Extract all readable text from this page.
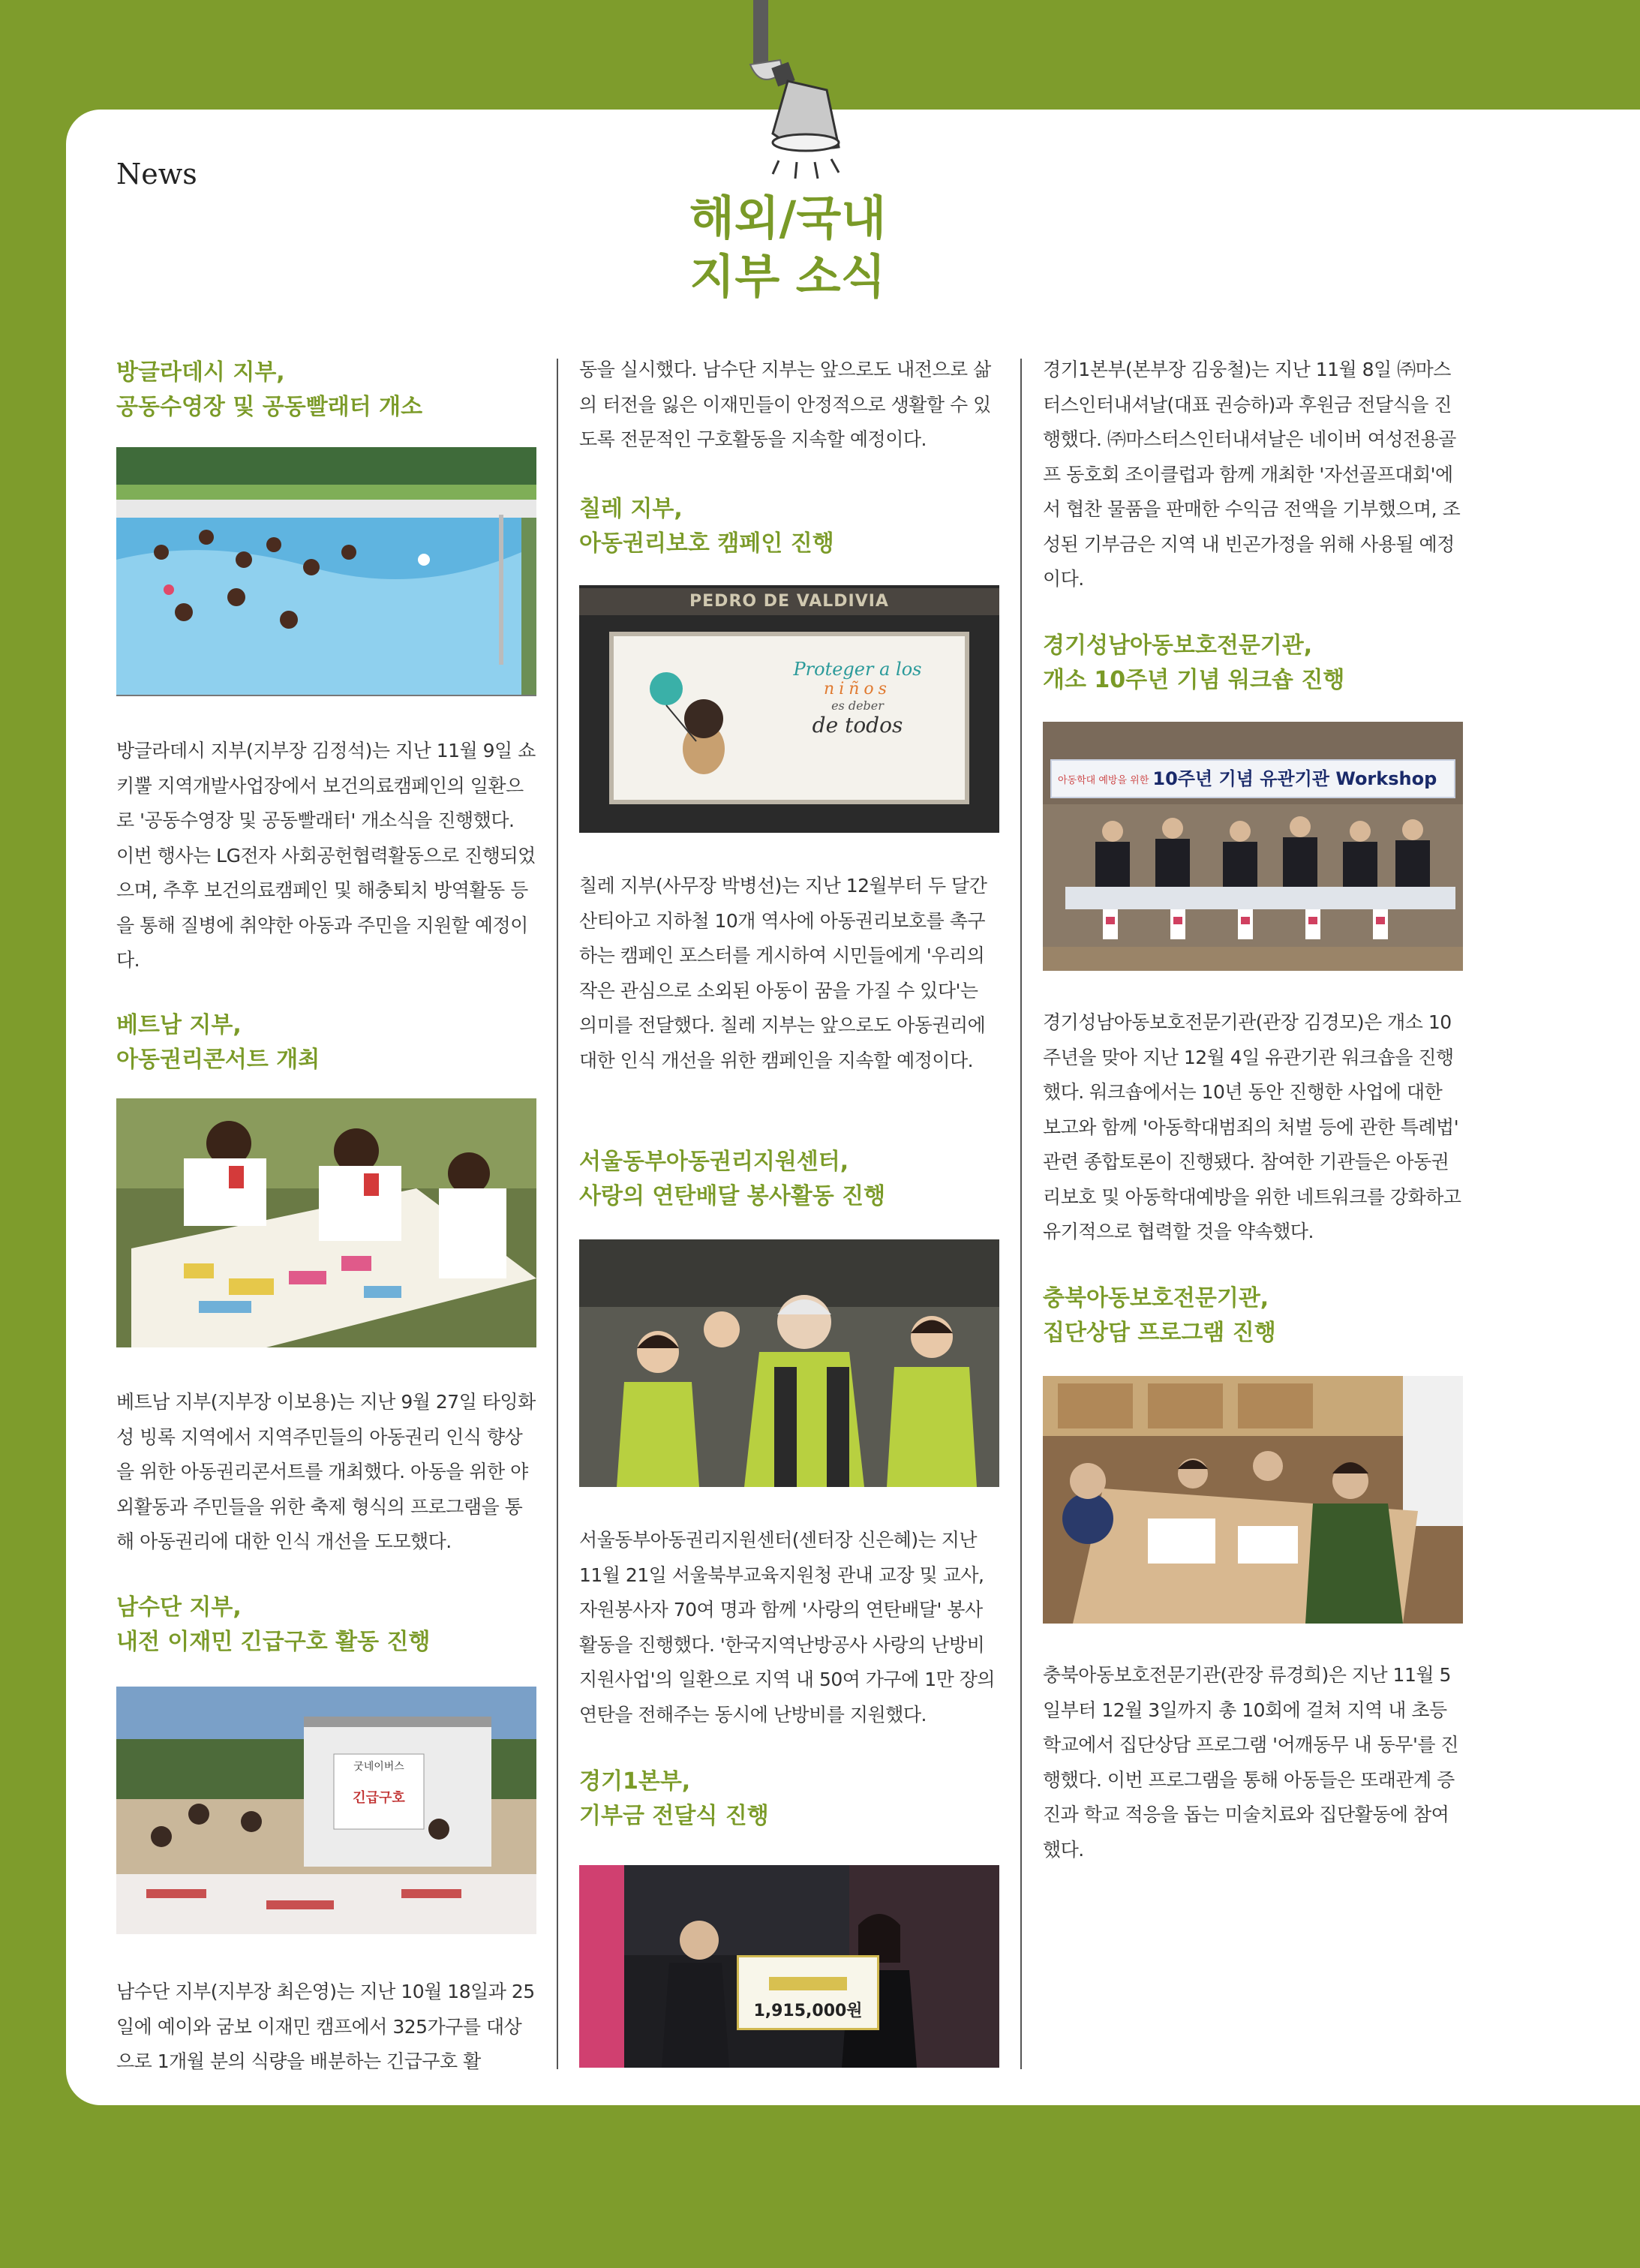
News
해외/국내
지부 소식

방글라데시 지부,

공동수영장 및 공동빨래터 개소

방글라데시 지부(지부장 김정석)는 지난 11월 9일 쇼키뿔 지역개발사업장에서 보건의료캠페인의 일환으로 '공동수영장 및 공동빨래터' 개소식을 진행했다. 이번 행사는 LG전자 사회공헌협력활동으로 진행되었으며, 추후 보건의료캠페인 및 해충퇴치 방역활동 등을 통해 질병에 취약한 아동과 주민을 지원할 예정이다.

베트남 지부,

아동권리콘서트 개최

베트남 지부(지부장 이보용)는 지난 9월 27일 타잉화성 빙록 지역에서 지역주민들의 아동권리 인식 향상을 위한 아동권리콘서트를 개최했다. 아동을 위한 야외활동과 주민들을 위한 축제 형식의 프로그램을 통해 아동권리에 대한 인식 개선을 도모했다.

남수단 지부,

내전 이재민 긴급구호 활동 진행

굿네이버스
긴급구호

남수단 지부(지부장 최은영)는 지난 10월 18일과 25일에 예이와 굼보 이재민 캠프에서 325가구를 대상으로 1개월 분의 식량을 배분하는 긴급구호 활

동을 실시했다. 남수단 지부는 앞으로도 내전으로 삶의 터전을 잃은 이재민들이 안정적으로 생활할 수 있도록 전문적인 구호활동을 지속할 예정이다.

칠레 지부,

아동권리보호 캠페인 진행

PEDRO DE VALDIVIA
Proteger a los
niños
es deber
de todos

칠레 지부(사무장 박병선)는 지난 12월부터 두 달간 산티아고 지하철 10개 역사에 아동권리보호를 촉구하는 캠페인 포스터를 게시하여 시민들에게 '우리의 작은 관심으로 소외된 아동이 꿈을 가질 수 있다'는 의미를 전달했다. 칠레 지부는 앞으로도 아동권리에 대한 인식 개선을 위한 캠페인을 지속할 예정이다.

서울동부아동권리지원센터,

사랑의 연탄배달 봉사활동 진행

서울동부아동권리지원센터(센터장 신은혜)는 지난 11월 21일 서울북부교육지원청 관내 교장 및 교사, 자원봉사자 70여 명과 함께 '사랑의 연탄배달' 봉사활동을 진행했다. '한국지역난방공사 사랑의 난방비 지원사업'의 일환으로 지역 내 50여 가구에 1만 장의 연탄을 전해주는 동시에 난방비를 지원했다.

경기1본부,

기부금 전달식 진행

1,915,000원

경기1본부(본부장 김웅철)는 지난 11월 8일 ㈜마스터스인터내셔날(대표 권승하)과 후원금 전달식을 진행했다. ㈜마스터스인터내셔날은 네이버 여성전용골프 동호회 조이클럽과 함께 개최한 '자선골프대회'에서 협찬 물품을 판매한 수익금 전액을 기부했으며, 조성된 기부금은 지역 내 빈곤가정을 위해 사용될 예정이다.

경기성남아동보호전문기관,

개소 10주년 기념 워크숍 진행

아동학대 예방을 위한 10주년 기념 유관기관 Workshop

경기성남아동보호전문기관(관장 김경모)은 개소 10주년을 맞아 지난 12월 4일 유관기관 워크숍을 진행했다. 워크숍에서는 10년 동안 진행한 사업에 대한 보고와 함께 '아동학대범죄의 처벌 등에 관한 특례법' 관련 종합토론이 진행됐다. 참여한 기관들은 아동권리보호 및 아동학대예방을 위한 네트워크를 강화하고 유기적으로 협력할 것을 약속했다.

충북아동보호전문기관,

집단상담 프로그램 진행

충북아동보호전문기관(관장 류경희)은 지난 11월 5일부터 12월 3일까지 총 10회에 걸쳐 지역 내 초등학교에서 집단상담 프로그램 '어깨동무 내 동무'를 진행했다. 이번 프로그램을 통해 아동들은 또래관계 증진과 학교 적응을 돕는 미술치료와 집단활동에 참여했다.
